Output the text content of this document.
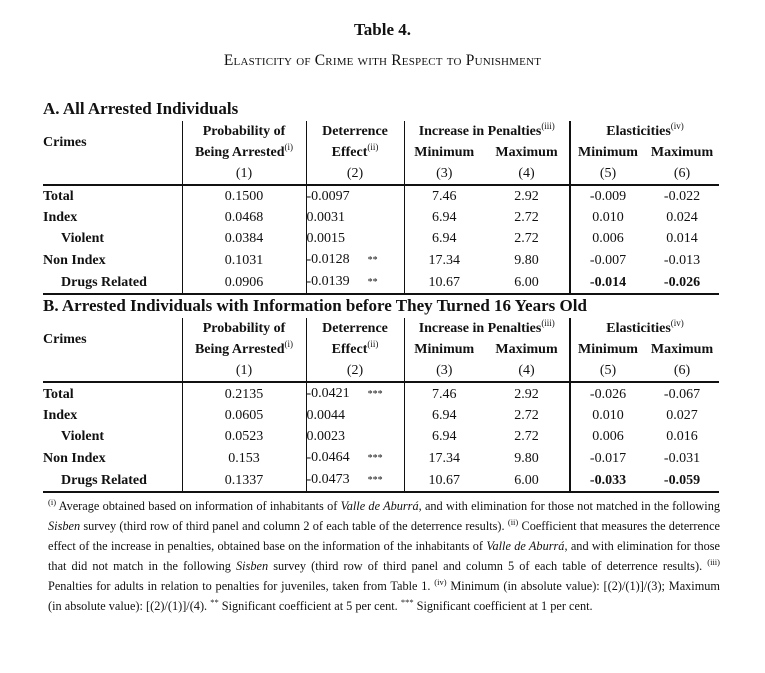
Table 4.
Elasticity of Crime with Respect to Punishment
A. All Arrested Individuals
Crimes	Probability of	Deterrence	Increase in Penalties$^{(iii)}$		Elasticities$^{(iv)}$
	Being Arrested$^{(i)}$	Effect$^{(ii)}$	Minimum	Maximum	Minimum	Maximum
	(1)	(2)	(3)	(4)	(5)	(6)
Total	0.1500	-0.0097	7.46	2.92	-0.009	-0.022
Index	0.0468	0.0031	6.94	2.72	0.010	0.024
Violent	0.0384	0.0015	6.94	2.72	0.006	0.014
Non Index	0.1031	-0.0128 **	17.34	9.80	-0.007	-0.013
Drugs Related	0.0906	-0.0139 **	10.67	6.00	-0.014	-0.026
B. Arrested Individuals with Information before They Turned 16 Years Old
Crimes	Probability of	Deterrence	Increase in Penalties$^{(iii)}$		Elasticities$^{(iv)}$
	Being Arrested$^{(i)}$	Effect$^{(ii)}$	Minimum	Maximum	Minimum	Maximum
	(1)	(2)	(3)	(4)	(5)	(6)
Total	0.2135	-0.0421 ***	7.46	2.92	-0.026	-0.067
Index	0.0605	0.0044	6.94	2.72	0.010	0.027
Violent	0.0523	0.0023	6.94	2.72	0.006	0.016
Non Index	0.153	-0.0464 ***	17.34	9.80	-0.017	-0.031
Drugs Related	0.1337	-0.0473 ***	10.67	6.00	-0.033	-0.059
$^{(i)}$ Average obtained based on information of inhabitants of Valle de Aburrá, and with elimination for those not matched in the following Sisben survey (third row of third panel and column 2 of each table of the deterrence results). $^{(ii)}$ Coefficient that measures the deterrence effect of the increase in penalties, obtained base on the information of the inhabitants of Valle de Aburrá, and with elimination for those that did not match in the following Sisben survey (third row of third panel and column 5 of each table of deterrence results). $^{(iii)}$ Penalties for adults in relation to penalties for juveniles, taken from Table 1. $^{(iv)}$ Minimum (in absolute value): [(2)/(1)]/(3); Maximum (in absolute value): [(2)/(1)]/(4). ** Significant coefficient at 5 per cent. *** Significant coefficient at 1 per cent.
